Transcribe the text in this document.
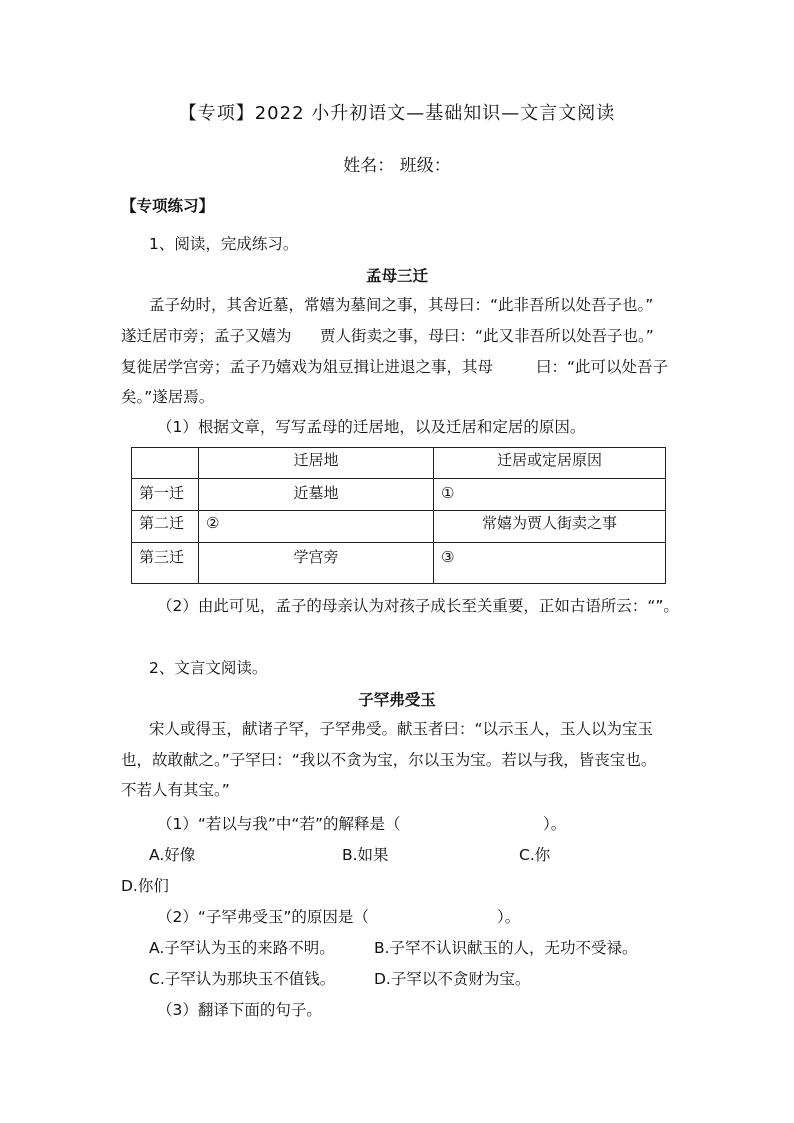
【专项】2022 小升初语文—基础知识—文言文阅读
姓名： 班级：
【专项练习】
1、阅读，完成练习。
孟母三迁
孟子幼时，其舍近墓，常嬉为墓间之事，其母曰：“此非吾所以处吾子也。”
遂迁居市旁；孟子又嬉为 贾人街卖之事，母曰：“此又非吾所以处吾子也。”
复徙居学宫旁；孟子乃嬉戏为俎豆揖让进退之事，其母	曰：“此可以处吾子
矣。”遂居焉。
（1）根据文章，写写孟母的迁居地，以及迁居和定居的原因。
	迁居地	迁居或定居原因
第一迁	近墓地	①
第二迁	②	常嬉为贾人街卖之事
第三迁	学宫旁	③
（2）由此可见，孟子的母亲认为对孩子成长至关重要，正如古语所云：“”。
2、文言文阅读。
子罕弗受玉
宋人或得玉，献诸子罕，子罕弗受。献玉者曰：“以示玉人，玉人以为宝玉
也，故敢献之。”子罕曰：“我以不贪为宝，尔以玉为宝。若以与我，皆丧宝也。
不若人有其宝。”
（1）“若以与我”中“若”的解释是（	）。
A.好像	B.如果	C.你
D.你们
（2）“子罕弗受玉”的原因是（	）。
A.子罕认为玉的来路不明。	B.子罕不认识献玉的人，无功不受禄。
C.子罕认为那块玉不值钱。 D.子罕以不贪财为宝。
（3）翻译下面的句子。
